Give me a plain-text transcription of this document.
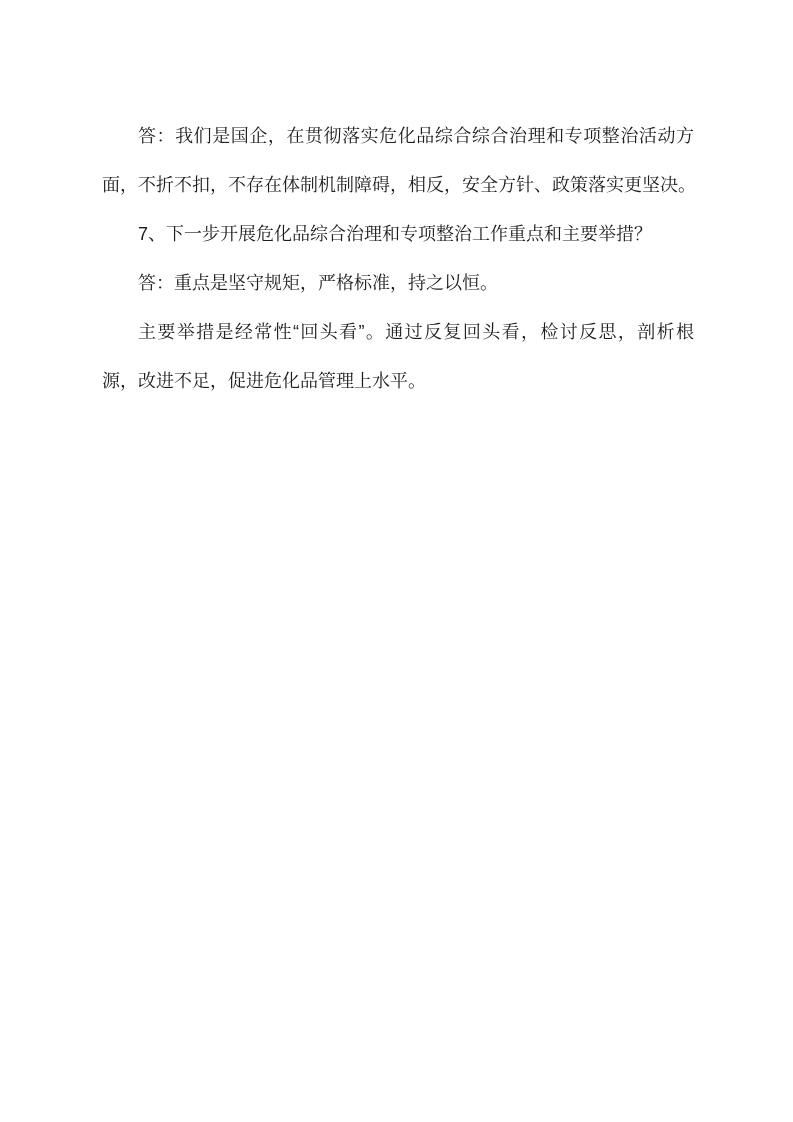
答：我们是国企，在贯彻落实危化品综合综合治理和专项整治活动方
面，不折不扣，不存在体制机制障碍，相反，安全方针、政策落实更坚决。
7、下一步开展危化品综合治理和专项整治工作重点和主要举措？
答：重点是坚守规矩，严格标准，持之以恒。
主要举措是经常性“回头看”。通过反复回头看，检讨反思，剖析根
源，改进不足，促进危化品管理上水平。
